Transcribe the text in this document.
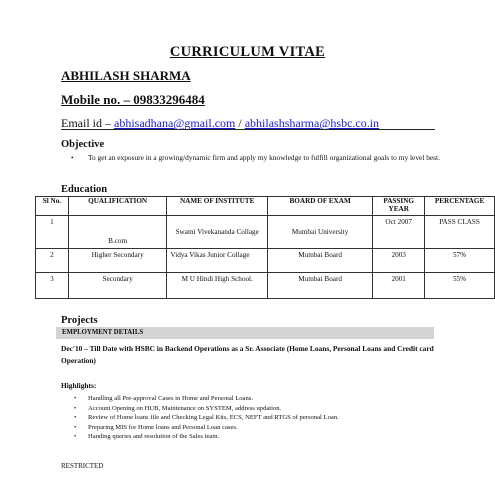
CURRICULUM VITAE
ABHILASH SHARMA
Mobile no. – 09833296484
Email id – abhisadhana@gmail.com / abhilashsharma@hsbc.co.in
Objective
• To get an exposure in a growing/dynamic firm and apply my knowledge to fulfill organizational goals to my level best.
Education
Sl No.	QUALIFICATION	NAME OF INSTITUTE	BOARD OF EXAM	PASSING YEAR	PERCENTAGE
1	B.com	Swami Vivekananda Collage	Mumbai University	Oct 2007	PASS CLASS
2	Higher Secondary	Vidya Vikas Junior Collage	Mumbai Board	2003	57%
3	Secondary	M U Hindi High School.	Mumbai Board	2001	55%
Projects
EMPLOYMENT DETAILS
Dec'10 – Till Date with HSBC in Backend Operations as a Sr. Associate (Home Loans, Personal Loans and Credit card Operation)
Highlights:
• Handling all Pre-approval Cases in Home and Personal Loans.
• Account Opening on HUB, Maintenance on SYSTEM, address updation.
• Review of Home loans file and Checking Legal Kits, ECS, NEFT and RTGS of personal Loan.
• Preparing MIS for Home loans and Personal Loan cases.
• Handing queries and resolution of the Sales team.
RESTRICTED
